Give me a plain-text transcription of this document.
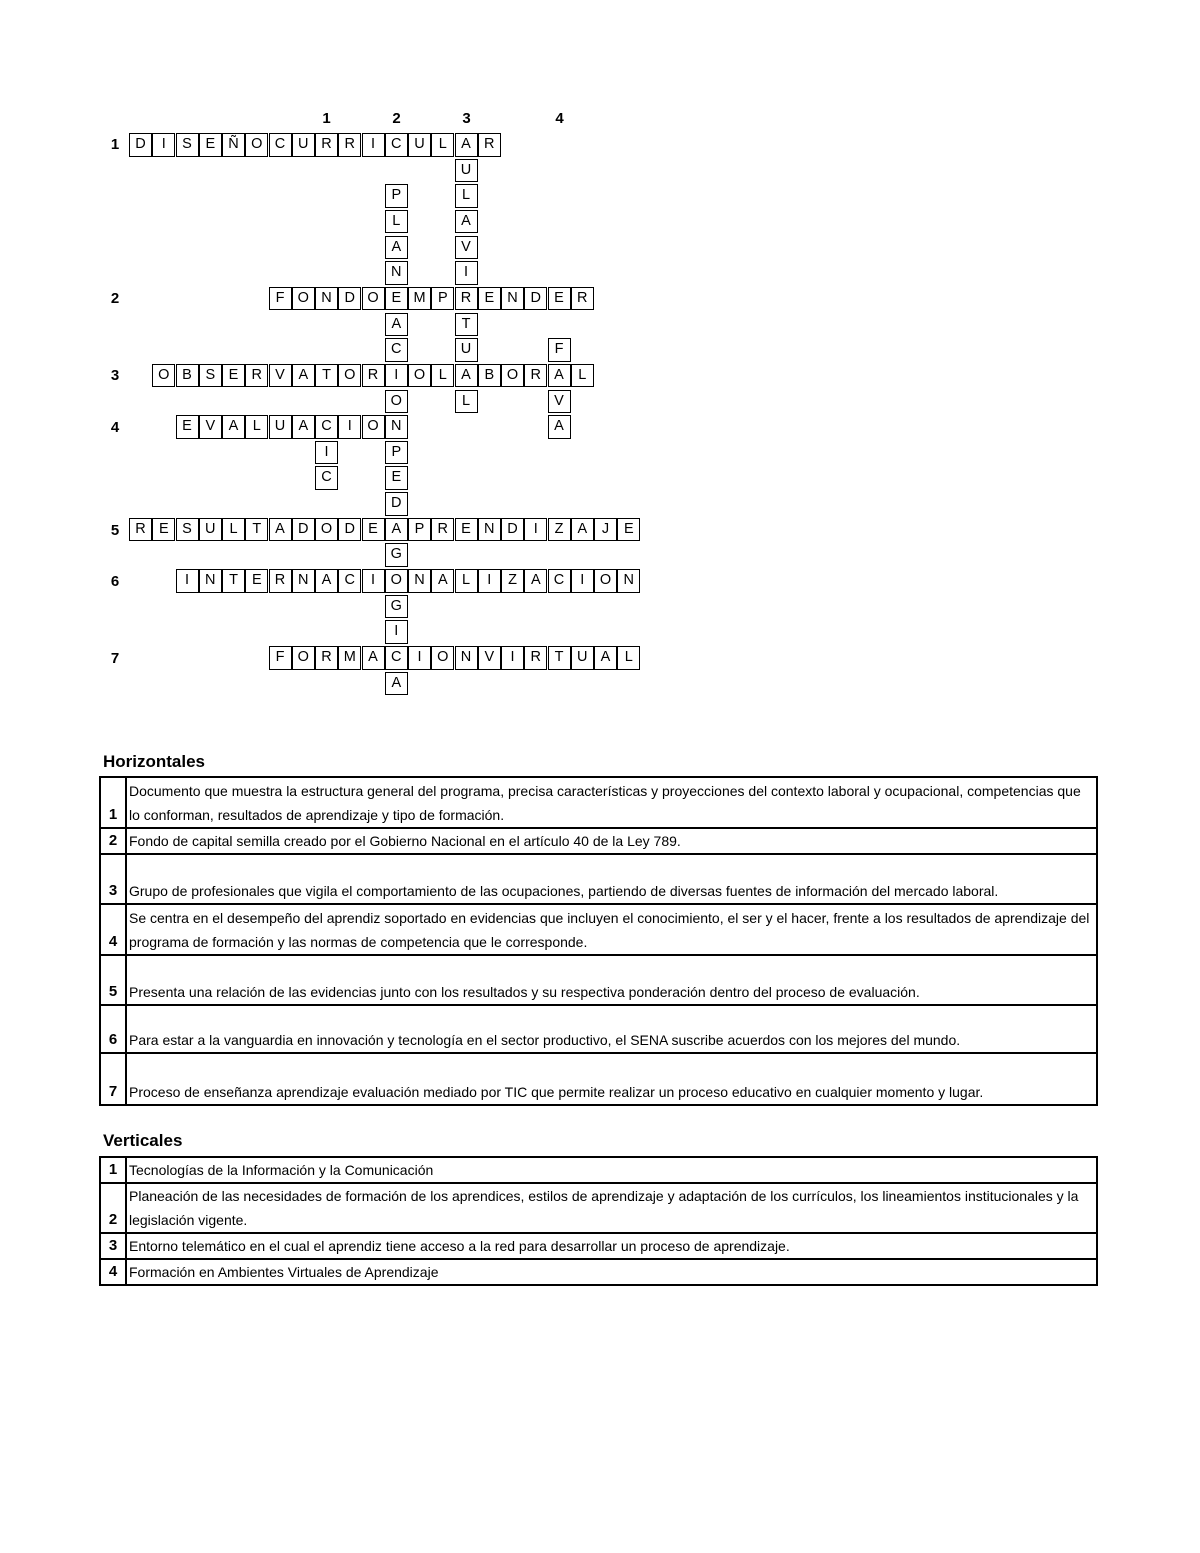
1	2	3	4
1
2
3
4
5
6
7
D	I	S E Ñ O C U R R	I	C U L A R
F O N D O E M P R E N D E R
O B S E R V A T O R	I	O L A B O R A L
E V A L U A C	I	O N
R E S U L	T A D O D E A P R E N D	I	Z A	J	E
I	N T E R N A C	I	O N A L	I	Z A C	I	O N
F O R M A C	I	O N V	I	R T U A L
I
C
P
L
A
N
A
C
O
P
E
D
G
G
I
A
U
L
A
V
I
T
U
L
F
V
A
Horizontales
1	Documento que muestra la estructura general del programa, precisa características y proyecciones del contexto laboral y ocupacional, competencias que lo conforman, resultados de aprendizaje y tipo de formación.
2	Fondo de capital semilla creado por el Gobierno Nacional en el artículo 40 de la Ley 789.
3	Grupo de profesionales que vigila el comportamiento de las ocupaciones, partiendo de diversas fuentes de información del mercado laboral.
4	Se centra en el desempeño del aprendiz soportado en evidencias que incluyen el conocimiento, el ser y el hacer, frente a los resultados de aprendizaje del programa de formación y las normas de competencia que le corresponde.
5	Presenta una relación de las evidencias junto con los resultados y su respectiva ponderación dentro del proceso de evaluación.
6	Para estar a la vanguardia en innovación y tecnología en el sector productivo, el SENA suscribe acuerdos con los mejores del mundo.
7	Proceso de enseñanza aprendizaje evaluación mediado por TIC que permite realizar un proceso educativo en cualquier momento y lugar.
Verticales
1	Tecnologías de la Información y la Comunicación
2	Planeación de las necesidades de formación de los aprendices, estilos de aprendizaje y adaptación de los currículos, los lineamientos institucionales y la legislación vigente.
3	Entorno telemático en el cual el aprendiz tiene acceso a la red para desarrollar un proceso de aprendizaje.
4	Formación en Ambientes Virtuales de Aprendizaje
